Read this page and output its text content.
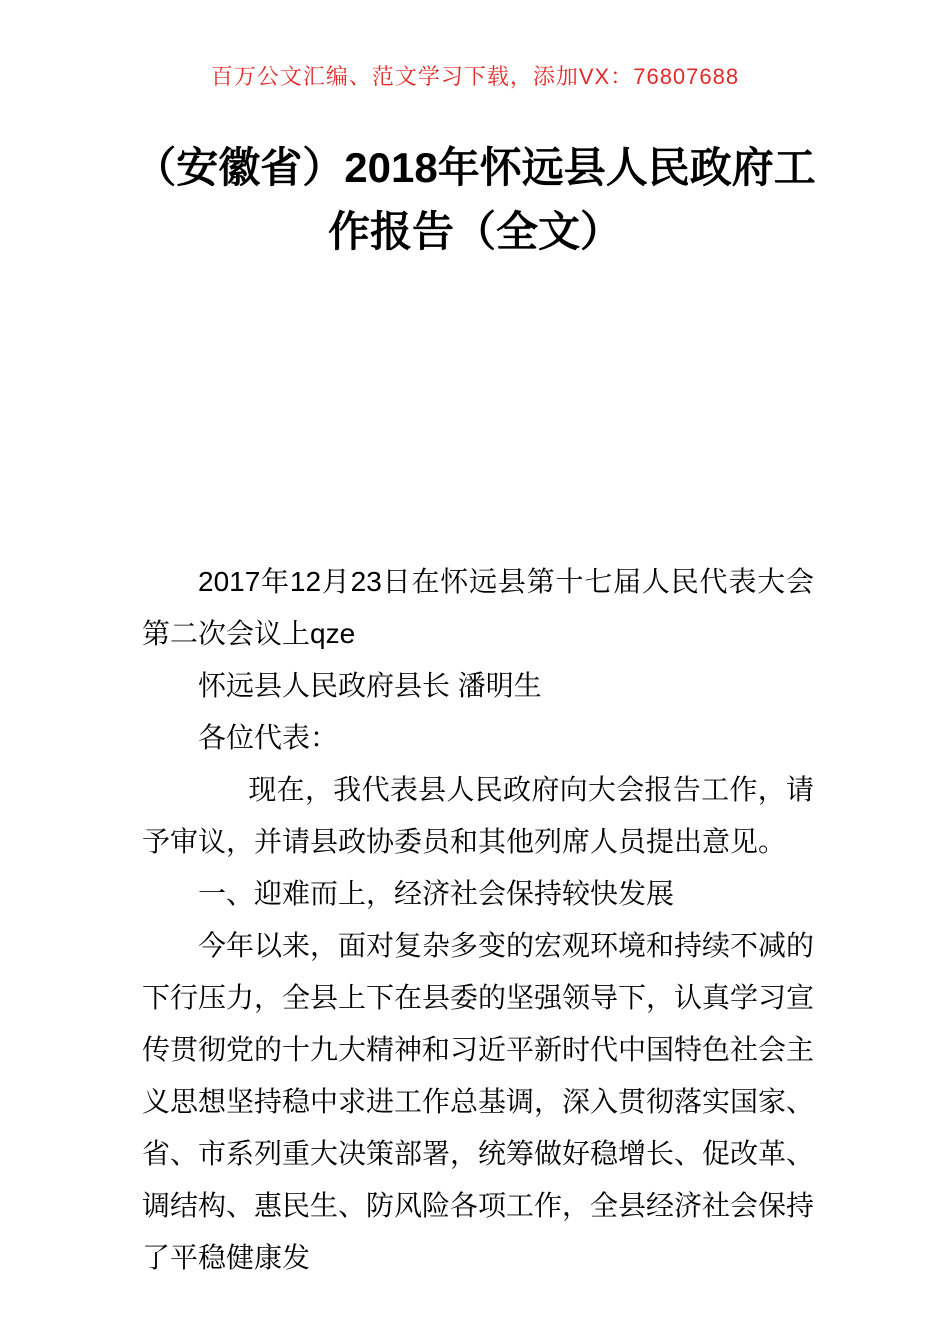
百万公文汇编、范文学习下载，添加VX：76807688
（安徽省）2018年怀远县人民政府工作报告（全文）

2017年12月23日在怀远县第十七届人民代表大会第二次会议上qze

怀远县人民政府县长 潘明生

各位代表：

现在，我代表县人民政府向大会报告工作，请予审议，并请县政协委员和其他列席人员提出意见。

一、迎难而上，经济社会保持较快发展

今年以来，面对复杂多变的宏观环境和持续不减的下行压力，全县上下在县委的坚强领导下，认真学习宣传贯彻党的十九大精神和习近平新时代中国特色社会主义思想坚持稳中求进工作总基调，深入贯彻落实国家、省、市系列重大决策部署，统筹做好稳增长、促改革、调结构、惠民生、防风险各项工作，全县经济社会保持了平稳健康发
